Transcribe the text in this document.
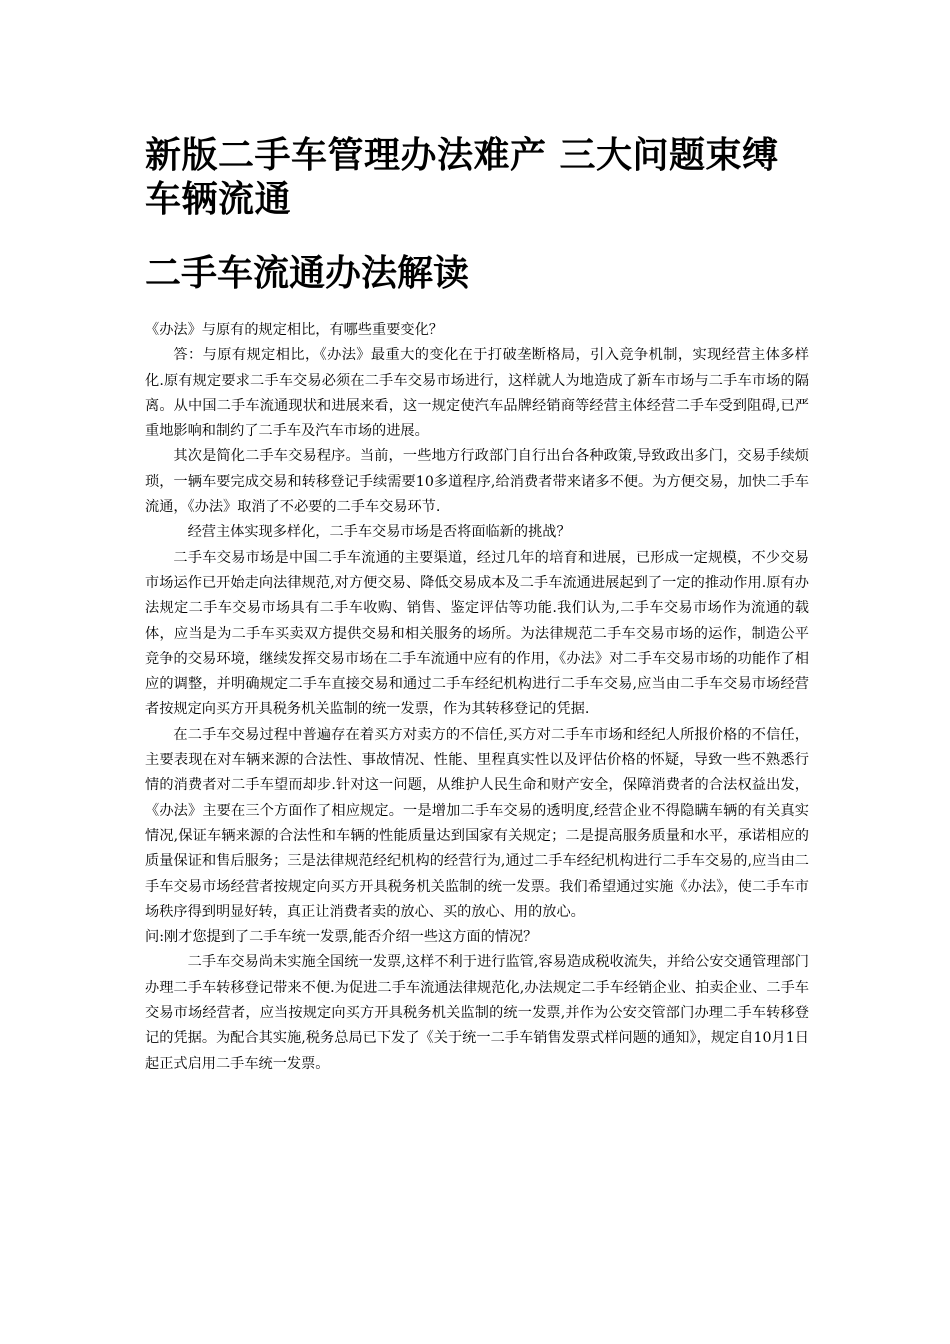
新版二手车管理办法难产 三大问题束缚车辆流通
二手车流通办法解读

《办法》与原有的规定相比，有哪些重要变化？

答：与原有规定相比，《办法》最重大的变化在于打破垄断格局，引入竞争机制，实现经营主体多样化.原有规定要求二手车交易必须在二手车交易市场进行，这样就人为地造成了新车市场与二手车市场的隔离。从中国二手车流通现状和进展来看，这一规定使汽车品牌经销商等经营主体经营二手车受到阻碍,已严重地影响和制约了二手车及汽车市场的进展。

其次是简化二手车交易程序。当前，一些地方行政部门自行出台各种政策,导致政出多门，交易手续烦琐，一辆车要完成交易和转移登记手续需要10多道程序,给消费者带来诸多不便。为方便交易，加快二手车流通，《办法》取消了不必要的二手车交易环节.

经营主体实现多样化，二手车交易市场是否将面临新的挑战？

二手车交易市场是中国二手车流通的主要渠道，经过几年的培育和进展，已形成一定规模，不少交易市场运作已开始走向法律规范,对方便交易、降低交易成本及二手车流通进展起到了一定的推动作用.原有办法规定二手车交易市场具有二手车收购、销售、鉴定评估等功能.我们认为,二手车交易市场作为流通的载体，应当是为二手车买卖双方提供交易和相关服务的场所。为法律规范二手车交易市场的运作，制造公平竞争的交易环境，继续发挥交易市场在二手车流通中应有的作用，《办法》对二手车交易市场的功能作了相应的调整，并明确规定二手车直接交易和通过二手车经纪机构进行二手车交易,应当由二手车交易市场经营者按规定向买方开具税务机关监制的统一发票，作为其转移登记的凭据.

在二手车交易过程中普遍存在着买方对卖方的不信任,买方对二手车市场和经纪人所报价格的不信任，主要表现在对车辆来源的合法性、事故情况、性能、里程真实性以及评估价格的怀疑，导致一些不熟悉行情的消费者对二手车望而却步.针对这一问题，从维护人民生命和财产安全，保障消费者的合法权益出发，《办法》主要在三个方面作了相应规定。一是增加二手车交易的透明度,经营企业不得隐瞒车辆的有关真实情况,保证车辆来源的合法性和车辆的性能质量达到国家有关规定；二是提高服务质量和水平，承诺相应的质量保证和售后服务；三是法律规范经纪机构的经营行为,通过二手车经纪机构进行二手车交易的,应当由二手车交易市场经营者按规定向买方开具税务机关监制的统一发票。我们希望通过实施《办法》，使二手车市场秩序得到明显好转，真正让消费者卖的放心、买的放心、用的放心。

问:刚才您提到了二手车统一发票,能否介绍一些这方面的情况？

二手车交易尚未实施全国统一发票,这样不利于进行监管,容易造成税收流失，并给公安交通管理部门办理二手车转移登记带来不便.为促进二手车流通法律规范化,办法规定二手车经销企业、拍卖企业、二手车交易市场经营者，应当按规定向买方开具税务机关监制的统一发票,并作为公安交管部门办理二手车转移登记的凭据。为配合其实施,税务总局已下发了《关于统一二手车销售发票式样问题的通知》，规定自10月1日起正式启用二手车统一发票。
